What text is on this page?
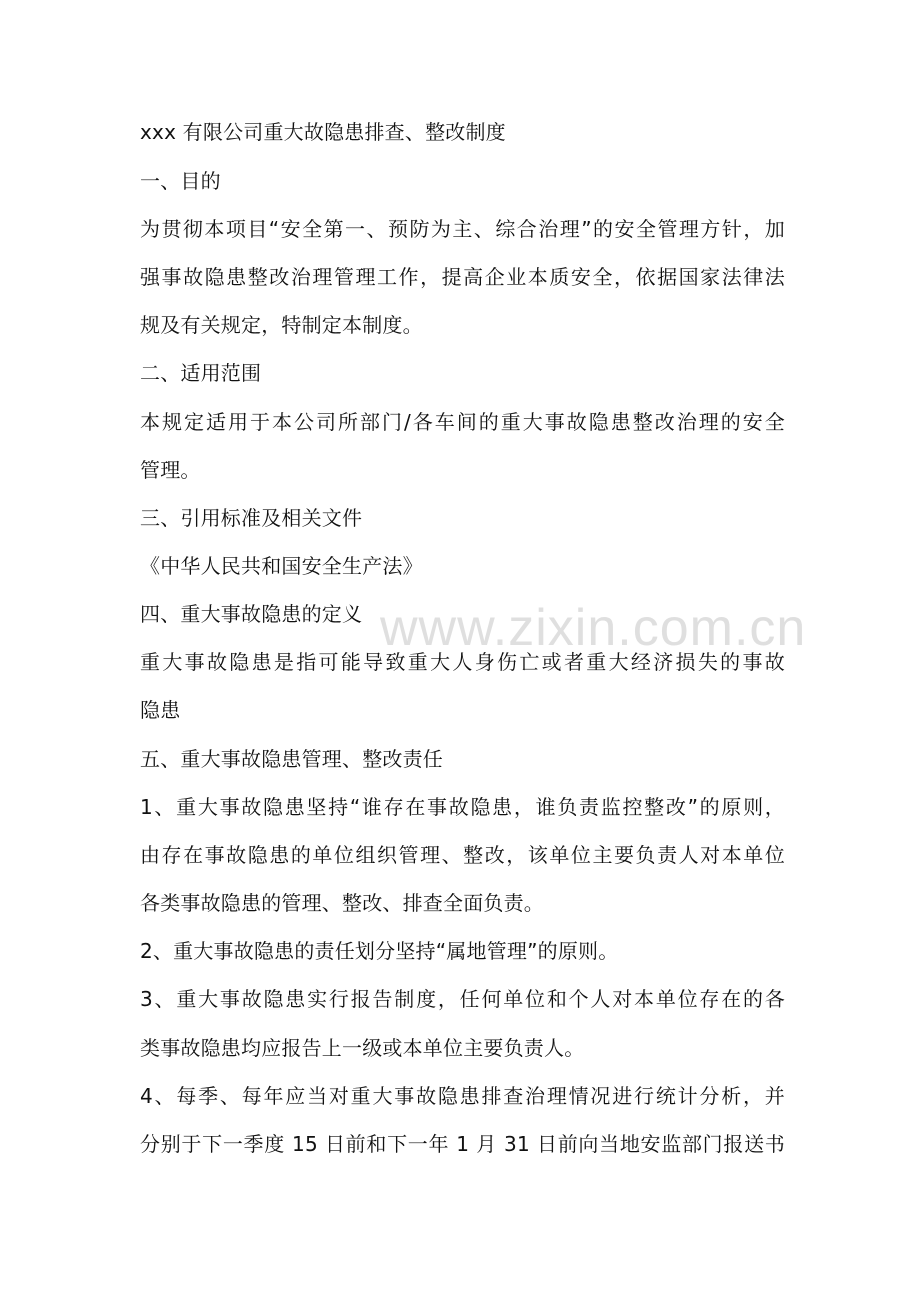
xxx 有限公司重大故隐患排查、整改制度
一、目的
为贯彻本项目“安全第一、预防为主、综合治理”的安全管理方针，加
强事故隐患整改治理管理工作，提高企业本质安全，依据国家法律法
规及有关规定，特制定本制度。
二、适用范围
本规定适用于本公司所部门/各车间的重大事故隐患整改治理的安全
管理。
三、引用标准及相关文件
《中华人民共和国安全生产法》
四、重大事故隐患的定义
重大事故隐患是指可能导致重大人身伤亡或者重大经济损失的事故
隐患
五、重大事故隐患管理、整改责任
1、重大事故隐患坚持“谁存在事故隐患，谁负责监控整改”的原则，
由存在事故隐患的单位组织管理、整改，该单位主要负责人对本单位
各类事故隐患的管理、整改、排查全面负责。
2、重大事故隐患的责任划分坚持“属地管理”的原则。
3、重大事故隐患实行报告制度，任何单位和个人对本单位存在的各
类事故隐患均应报告上一级或本单位主要负责人。
4、每季、每年应当对重大事故隐患排查治理情况进行统计分析，并
分别于下一季度 15 日前和下一年 1 月 31 日前向当地安监部门报送书
www.zixin.com.cn
